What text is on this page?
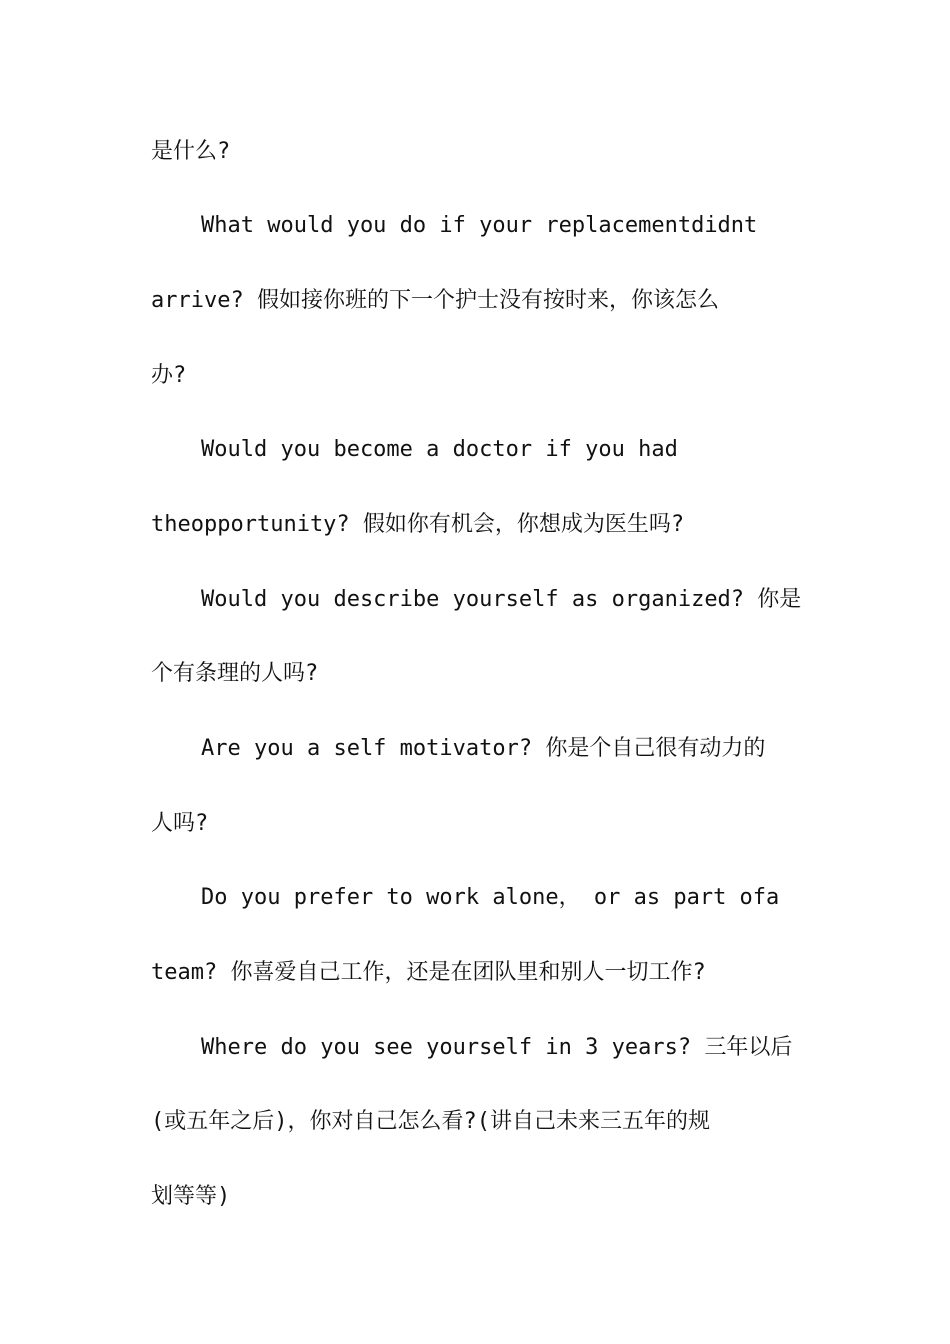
是什么?
What would you do if your replacementdidnt
arrive? 假如接你班的下一个护士没有按时来，你该怎么
办?
Would you become a doctor if you had
theopportunity? 假如你有机会，你想成为医生吗?
Would you describe yourself as organized? 你是
个有条理的人吗?
Are you a self motivator? 你是个自己很有动力的
人吗?
Do you prefer to work alone， or as part ofa
team? 你喜爱自己工作，还是在团队里和别人一切工作?
Where do you see yourself in 3 years? 三年以后
(或五年之后)，你对自己怎么看?(讲自己未来三五年的规
划等等)
